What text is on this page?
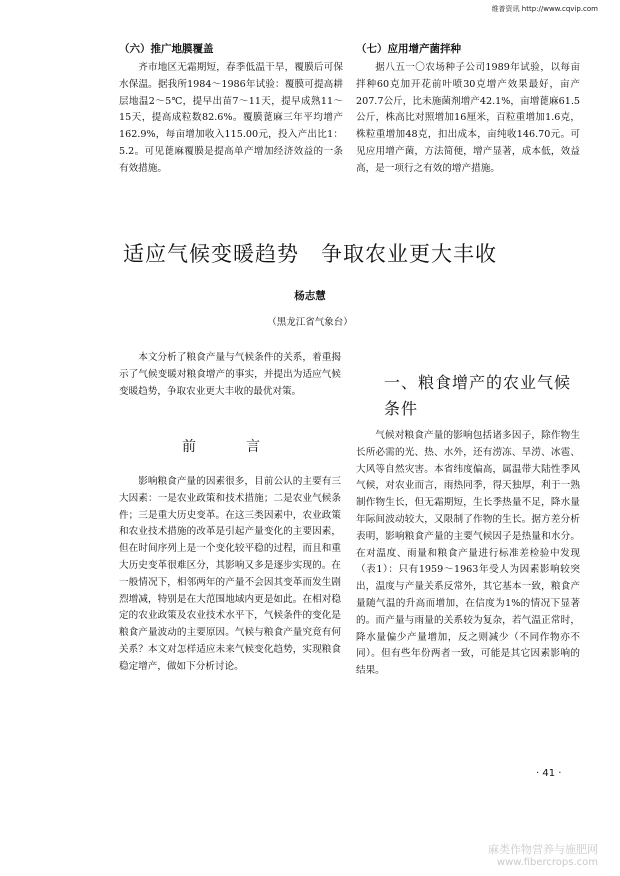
维普资讯 http://www.cqvip.com
（六）推广地膜覆盖

齐市地区无霜期短，春季低温干旱，覆膜后可保水保温。据我所1984～1986年试验：覆膜可提高耕层地温2～5℃，提早出苗7～11天，提早成熟11～15天，提高成粒数82.6%。覆膜蓖麻三年平均增产162.9%，每亩增加收入115.00元，投入产出比1：5.2。可见蓖麻覆膜是提高单产增加经济效益的一条有效措施。

（七）应用增产菌拌种

据八五一〇农场种子公司1989年试验，以每亩拌种60克加开花前叶喷30克增产效果最好，亩产207.7公斤，比未施菌剂增产42.1%，亩增蓖麻61.5公斤，株高比对照增加16厘米，百粒重增加1.6克，株粒重增加48克，扣出成本，亩纯收146.70元。可见应用增产菌，方法简便，增产显著，成本低，效益高，是一项行之有效的增产措施。

适应气候变暖趋势　争取农业更大丰收
杨志慧
（黑龙江省气象台）

本文分析了粮食产量与气候条件的关系，着重揭示了气候变暖对粮食增产的事实，并提出为适应气候变暖趋势，争取农业更大丰收的最优对策。

前　言

影响粮食产量的因素很多，目前公认的主要有三大因素：一是农业政策和技术措施；二是农业气候条件；三是重大历史变革。在这三类因素中，农业政策和农业技术措施的改革是引起产量变化的主要因素，但在时间序列上是一个变化较平稳的过程，而且和重大历史变革很难区分，其影响又多是逐步实现的。在一般情况下，相邻两年的产量不会因其变革而发生剧烈增减，特别是在大范围地域内更是如此。在相对稳定的农业政策及农业技术水平下，气候条件的变化是粮食产量波动的主要原因。气候与粮食产量究竟有何关系？本文对怎样适应未来气候变化趋势，实现粮食稳定增产，做如下分析讨论。

一、粮食增产的农业气候条件

气候对粮食产量的影响包括诸多因子，除作物生长所必需的光、热、水外，还有涝冻、旱涝、冰雹、大风等自然灾害。本省纬度偏高，属温带大陆性季风气候，对农业而言，雨热同季，得天独厚，利于一熟制作物生长，但无霜期短，生长季热量不足，降水量年际间波动较大，又限制了作物的生长。据方差分析表明，影响粮食产量的主要气候因子是热量和水分。在对温度、雨量和粮食产量进行标准差检验中发现（表1）：只有1959～1963年受人为因素影响较突出，温度与产量关系反常外，其它基本一致，粮食产量随气温的升高而增加，在信度为1%的情况下显著的。而产量与雨量的关系较为复杂，若气温正常时，降水量偏少产量增加，反之则减少（不同作物亦不同）。但有些年份两者一致，可能是其它因素影响的结果。

· 41 ·
麻类作物营养与施肥网
www.fibercrops.com
